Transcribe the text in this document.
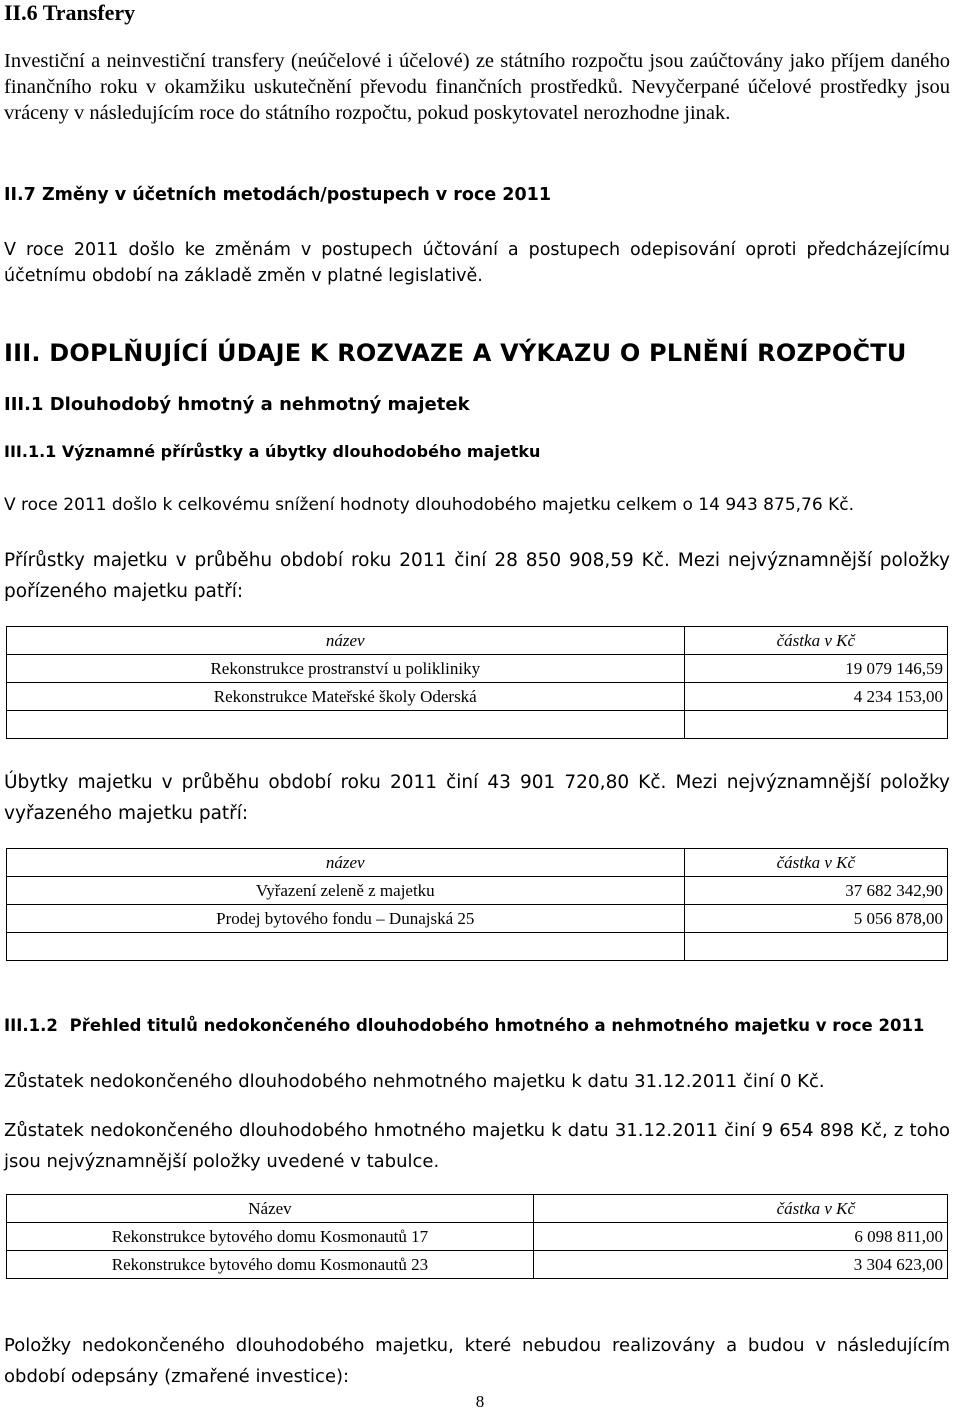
II.6 Transfery
Investiční a neinvestiční transfery (neúčelové i účelové) ze státního rozpočtu jsou zaúčtovány jako příjem daného finančního roku v okamžiku uskutečnění převodu finančních prostředků. Nevyčerpané účelové prostředky jsou vráceny v následujícím roce do státního rozpočtu, pokud poskytovatel nerozhodne jinak.
II.7 Změny v účetních metodách/postupech v roce 2011
V roce 2011 došlo ke změnám v postupech účtování a postupech odepisování oproti předcházejícímu účetnímu období na základě změn v platné legislativě.
III. DOPLŇUJÍCÍ ÚDAJE K ROZVAZE A VÝKAZU O PLNĚNÍ ROZPOČTU
III.1 Dlouhodobý hmotný a nehmotný majetek
III.1.1 Významné přírůstky a úbytky dlouhodobého majetku
V roce 2011 došlo k celkovému snížení hodnoty dlouhodobého majetku celkem o 14 943 875,76 Kč.
Přírůstky majetku v průběhu období roku 2011 činí 28 850 908,59 Kč. Mezi nejvýznamnější položky pořízeného majetku patří:
název	částka v Kč
Rekonstrukce prostranství u polikliniky	19 079 146,59
Rekonstrukce Mateřské školy Oderská	4 234 153,00

Úbytky majetku v průběhu období roku 2011 činí 43 901 720,80 Kč. Mezi nejvýznamnější položky vyřazeného majetku patří:
název	částka v Kč
Vyřazení zeleně z majetku	37 682 342,90
Prodej bytového fondu – Dunajská 25	5 056 878,00

III.1.2 Přehled titulů nedokončeného dlouhodobého hmotného a nehmotného majetku v roce 2011
Zůstatek nedokončeného dlouhodobého nehmotného majetku k datu 31.12.2011 činí 0 Kč.
Zůstatek nedokončeného dlouhodobého hmotného majetku k datu 31.12.2011 činí 9 654 898 Kč, z toho jsou nejvýznamnější položky uvedené v tabulce.
Název	částka v Kč
Rekonstrukce bytového domu Kosmonautů 17	6 098 811,00
Rekonstrukce bytového domu Kosmonautů 23	3 304 623,00
Položky nedokončeného dlouhodobého majetku, které nebudou realizovány a budou v následujícím období odepsány (zmařené investice):
8
